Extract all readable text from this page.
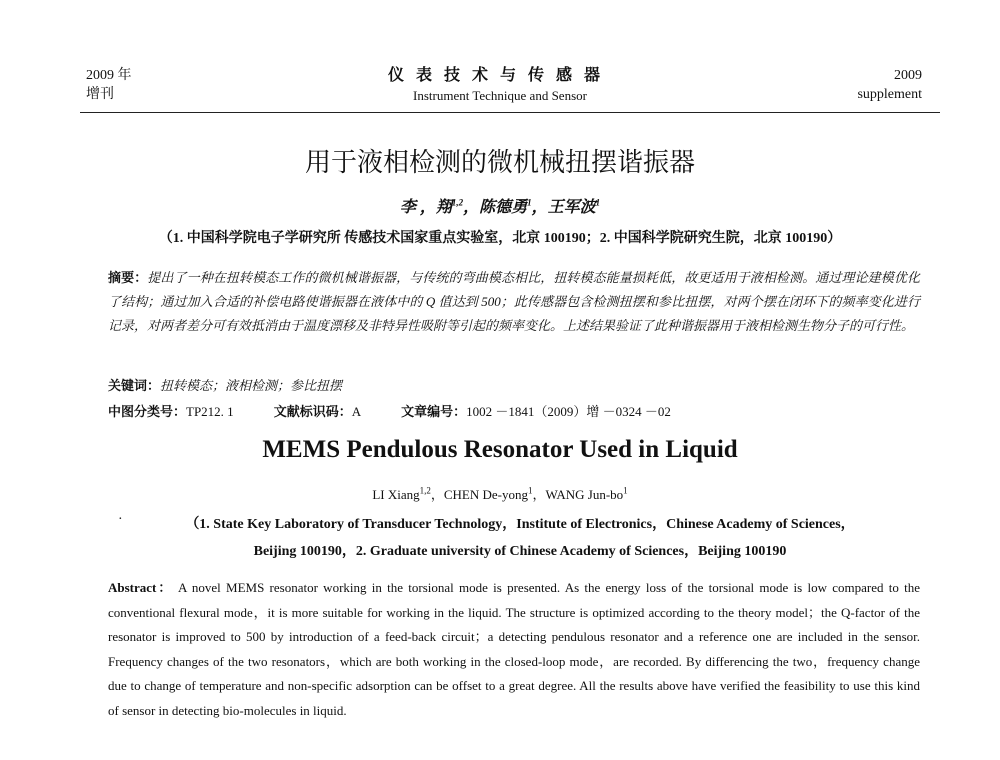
2009 年
增刊
仪表技术与传感器
Instrument Technique and Sensor
2009
supplement
用于液相检测的微机械扭摆谐振器
李 ，翔$^{1,2}$，陈德勇$^1$，王军波$^1$
（1. 中国科学院电子学研究所 传感技术国家重点实验室，北京 100190；2. 中国科学院研究生院，北京 100190）
摘要：提出了一种在扭转模态工作的微机械谐振器，与传统的弯曲模态相比，扭转模态能量损耗低，故更适用于液相检测。通过理论建模优化了结构；通过加入合适的补偿电路使谐振器在液体中的 Q 值达到 500；此传感器包含检测扭摆和参比扭摆，对两个摆在闭环下的频率变化进行记录，对两者差分可有效抵消由于温度漂移及非特异性吸附等引起的频率变化。上述结果验证了此种谐振器用于液相检测生物分子的可行性。
关键词：扭转模态；液相检测；参比扭摆
中图分类号：TP212. 1	文献标识码：A	文章编号：1002 －1841（2009）增 －0324 －02
MEMS Pendulous Resonator Used in Liquid
LI Xiang$^{1,2}$，CHEN De-yong$^1$，WANG Jun-$bo^1$
·	（1. State Key Laboratory of Transducer Technology，Institute of Electronics，Chinese Academy of Sciences，
Beijing 100190，2. Graduate university of Chinese Academy of Sciences，Beijing 100190
Abstract： A novel MEMS resonator working in the torsional mode is presented. As the energy loss of the torsional mode is low compared to the conventional flexural mode，it is more suitable for working in the liquid. The structure is optimized according to the theory model；the Q-factor of the resonator is improved to 500 by introduction of a feed-back circuit；a detecting pendulous resonator and a reference one are included in the sensor. Frequency changes of the two resonators，which are both working in the closed-loop mode，are recorded. By differencing the two，frequency change due to change of temperature and non-specific adsorption can be offset to a great degree. All the results above have verified the feasibility to use this kind of sensor in detecting bio-molecules in liquid.
